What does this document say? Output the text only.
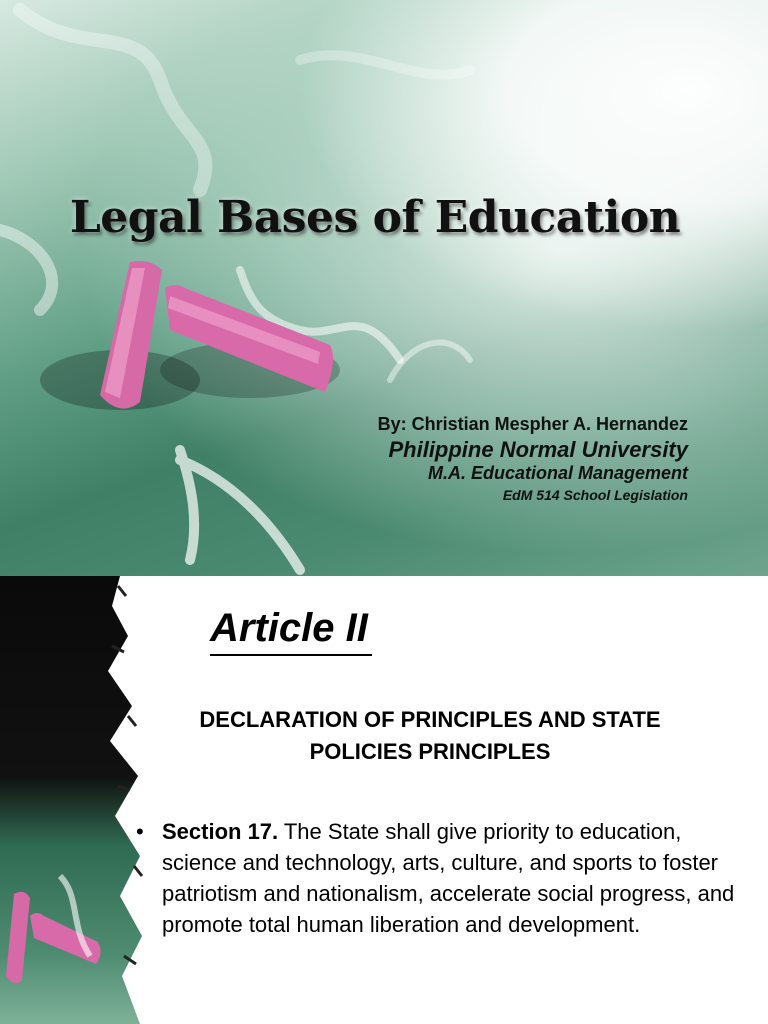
Legal Bases of Education
By: Christian Mespher A. Hernandez
Philippine Normal University
M.A. Educational Management
EdM 514 School Legislation
Article II

DECLARATION OF PRINCIPLES AND STATE POLICIES PRINCIPLES

• Section 17. The State shall give priority to education, science and technology, arts, culture, and sports to foster patriotism and nationalism, accelerate social progress, and promote total human liberation and development.
